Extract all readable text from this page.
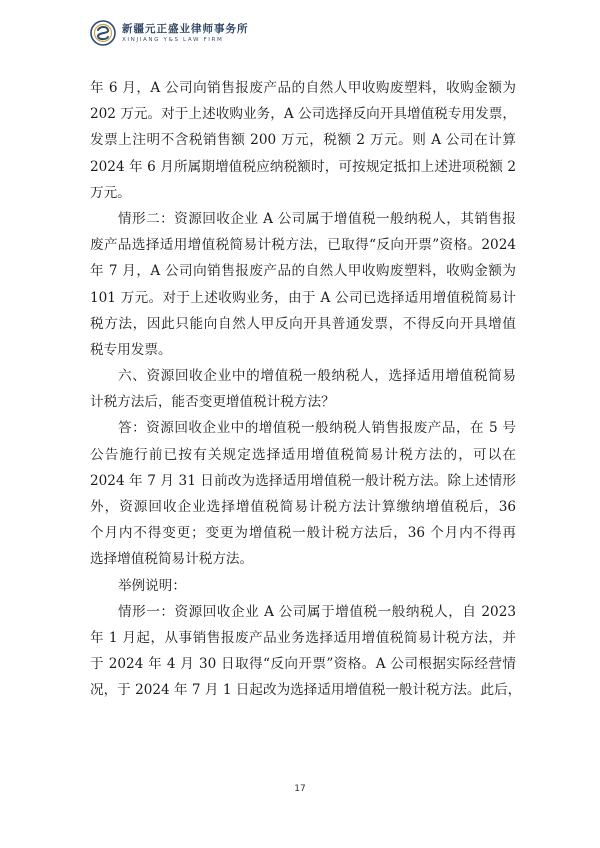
新疆元正盛业律师事务所
XINJIANG Y&S LAW FIRM
年 6 月，A 公司向销售报废产品的自然人甲收购废塑料，收购金额为
202 万元。对于上述收购业务，A 公司选择反向开具增值税专用发票，
发票上注明不含税销售额 200 万元，税额 2 万元。则 A 公司在计算
2024 年 6 月所属期增值税应纳税额时，可按规定抵扣上述进项税额 2
万元。
情形二：资源回收企业 A 公司属于增值税一般纳税人，其销售报
废产品选择适用增值税简易计税方法，已取得“反向开票”资格。2024
年 7 月，A 公司向销售报废产品的自然人甲收购废塑料，收购金额为
101 万元。对于上述收购业务，由于 A 公司已选择适用增值税简易计
税方法，因此只能向自然人甲反向开具普通发票，不得反向开具增值
税专用发票。
六、资源回收企业中的增值税一般纳税人，选择适用增值税简易
计税方法后，能否变更增值税计税方法？
答：资源回收企业中的增值税一般纳税人销售报废产品，在 5 号
公告施行前已按有关规定选择适用增值税简易计税方法的，可以在
2024 年 7 月 31 日前改为选择适用增值税一般计税方法。除上述情形
外，资源回收企业选择增值税简易计税方法计算缴纳增值税后，36
个月内不得变更；变更为增值税一般计税方法后，36 个月内不得再
选择增值税简易计税方法。
举例说明：
情形一：资源回收企业 A 公司属于增值税一般纳税人，自 2023
年 1 月起，从事销售报废产品业务选择适用增值税简易计税方法，并
于 2024 年 4 月 30 日取得“反向开票”资格。A 公司根据实际经营情
况，于 2024 年 7 月 1 日起改为选择适用增值税一般计税方法。此后，
17
